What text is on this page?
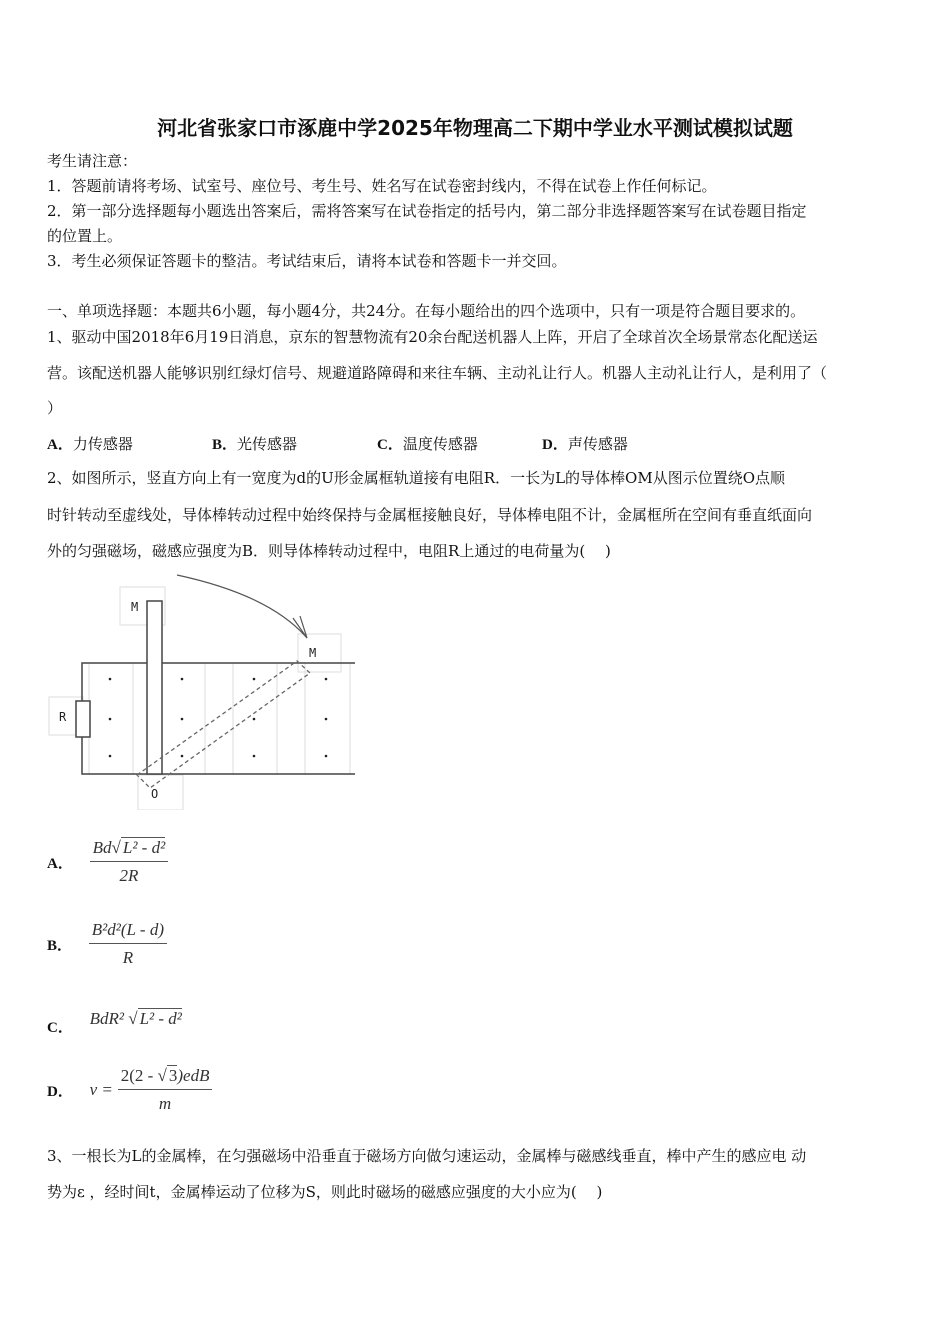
河北省张家口市涿鹿中学2025年物理高二下期中学业水平测试模拟试题
考生请注意：
1．答题前请将考场、试室号、座位号、考生号、姓名写在试卷密封线内，不得在试卷上作任何标记。
2．第一部分选择题每小题选出答案后，需将答案写在试卷指定的括号内，第二部分非选择题答案写在试卷题目指定
的位置上。
3．考生必须保证答题卡的整洁。考试结束后，请将本试卷和答题卡一并交回。
一、单项选择题：本题共6小题，每小题4分，共24分。在每小题给出的四个选项中，只有一项是符合题目要求的。
1、驱动中国2018年6月19日消息，京东的智慧物流有20余台配送机器人上阵，开启了全球首次全场景常态化配送运
营。该配送机器人能够识别红绿灯信号、规避道路障碍和来往车辆、主动礼让行人。机器人主动礼让行人，是利用了（
）
A．力传感器	B．光传感器	C．温度传感器	D．声传感器
2、如图所示，竖直方向上有一宽度为d的U形金属框轨道接有电阻R．一长为L的导体棒OM从图示位置绕O点顺
时针转动至虚线处，导体棒转动过程中始终保持与金属框接触良好，导体棒电阻不计，金属框所在空间有垂直纸面向
外的匀强磁场，磁感应强度为B．则导体棒转动过程中，电阻R上通过的电荷量为(　 )
M
M
R
O
A． $\frac{\text{Bd√ L² - d²}}{2R}$
B． $\frac{\text{B²d²(L - d)}}{R}$
C． BdR² √ L² - d²
D． $v = \frac{\text{2(2 - √ 3)edB}}{m}$
3、一根长为L的金属棒，在匀强磁场中沿垂直于磁场方向做匀速运动，金属棒与磁感线垂直，棒中产生的感应电 动
势为ε ，经时间t，金属棒运动了位移为S，则此时磁场的磁感应强度的大小应为(　 )
